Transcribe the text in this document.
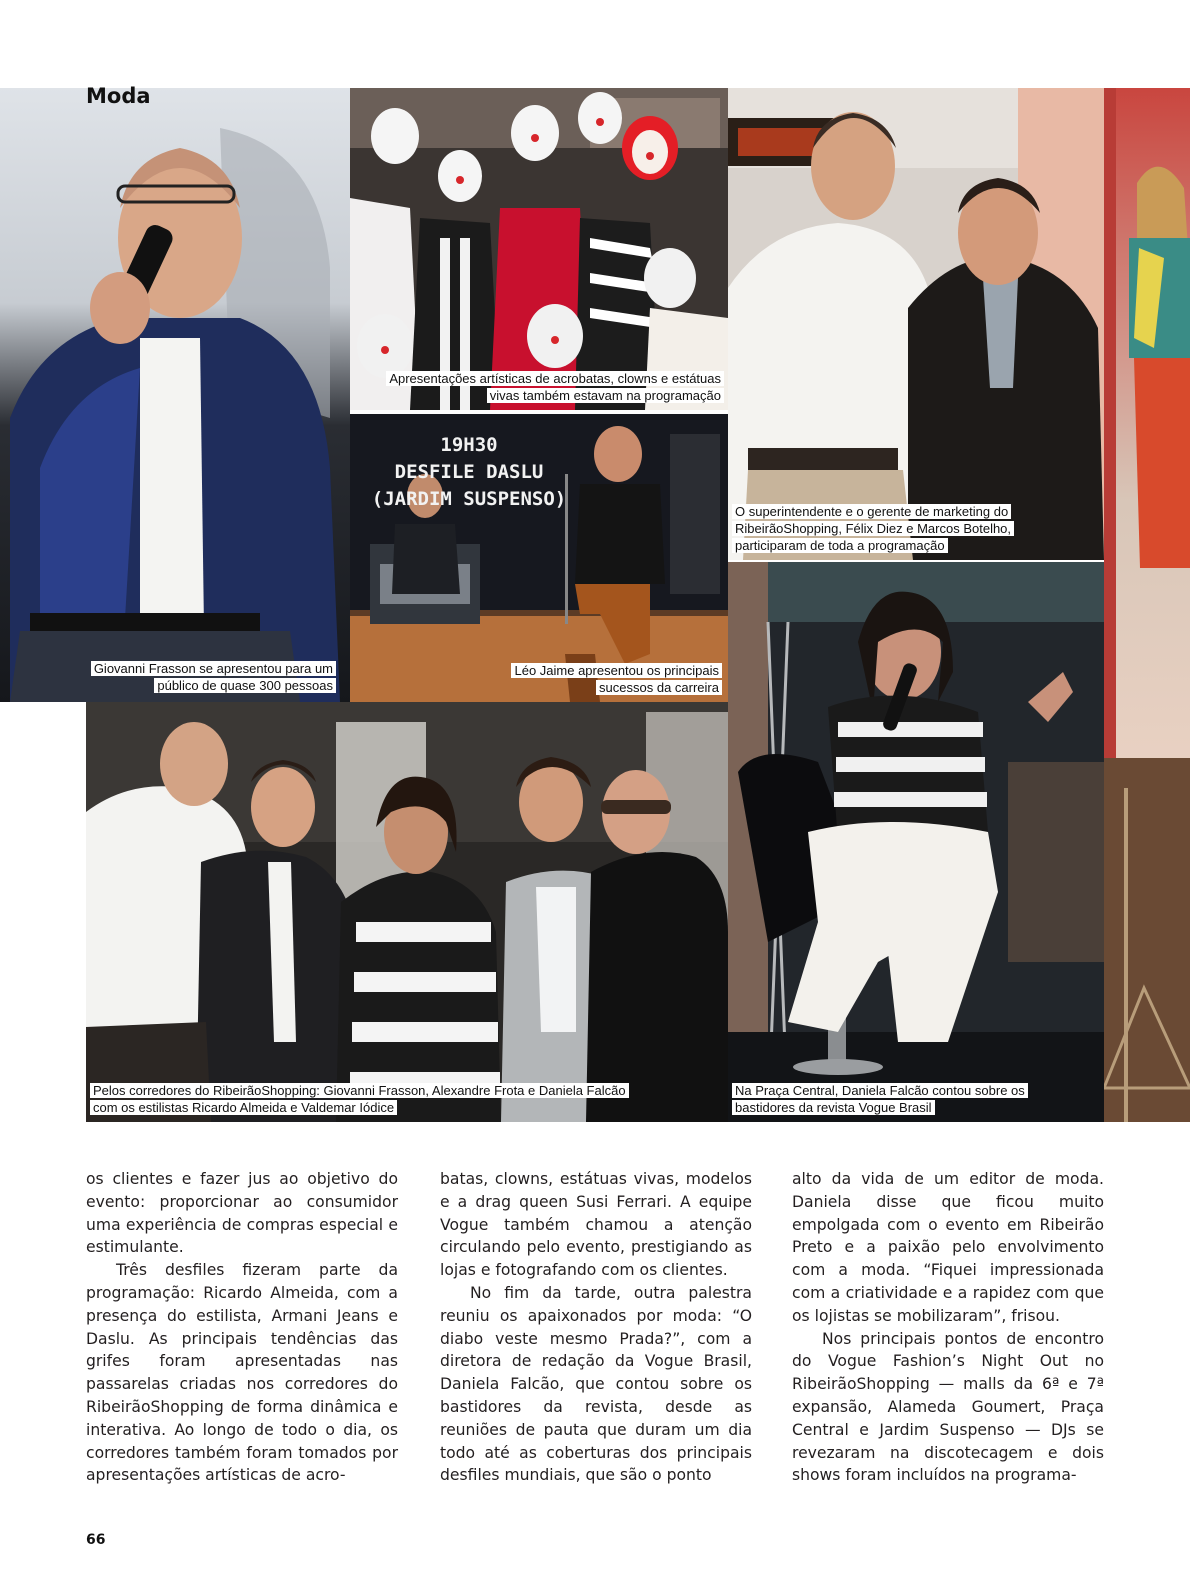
Moda
Giovanni Frasson se apresentou para um público de quase 300 pessoas
Apresentações artísticas de acrobatas, clowns e estátuas vivas também estavam na programação
O superintendente e o gerente de marketing do RibeirãoShopping, Félix Diez e Marcos Botelho, participaram de toda a programação
19H30
DESFILE DASLU
(JARDIM SUSPENSO)
Léo Jaime apresentou os principais sucessos da carreira
Pelos corredores do RibeirãoShopping: Giovanni Frasson, Alexandre Frota e Daniela Falcão com os estilistas Ricardo Almeida e Valdemar Iódice
Na Praça Central, Daniela Falcão contou sobre os bastidores da revista Vogue Brasil

os clientes e fazer jus ao objetivo do evento: proporcionar ao consumidor uma experiência de compras especial e estimulante.

Três desfiles fizeram parte da programação: Ricardo Almeida, com a presença do estilista, Armani Jeans e Daslu. As principais tendências das grifes foram apresentadas nas passarelas criadas nos corredores do RibeirãoShopping de forma dinâmica e interativa. Ao longo de todo o dia, os corredores também foram tomados por apresentações artísticas de acro-

batas, clowns, estátuas vivas, modelos e a drag queen Susi Ferrari. A equipe Vogue também chamou a atenção circulando pelo evento, prestigiando as lojas e fotografando com os clientes.

No fim da tarde, outra palestra reuniu os apaixonados por moda: “O diabo veste mesmo Prada?”, com a diretora de redação da Vogue Brasil, Daniela Falcão, que contou sobre os bastidores da revista, desde as reuniões de pauta que duram um dia todo até as coberturas dos principais desfiles mundiais, que são o ponto

alto da vida de um editor de moda. Daniela disse que ficou muito empolgada com o evento em Ribeirão Preto e a paixão pelo envolvimento com a moda. “Fiquei impressionada com a criatividade e a rapidez com que os lojistas se mobilizaram”, frisou.

Nos principais pontos de encontro do Vogue Fashion’s Night Out no RibeirãoShopping — malls da 6ª e 7ª expansão, Alameda Goumert, Praça Central e Jardim Suspenso — DJs se revezaram na discotecagem e dois shows foram incluídos na programa-

66
